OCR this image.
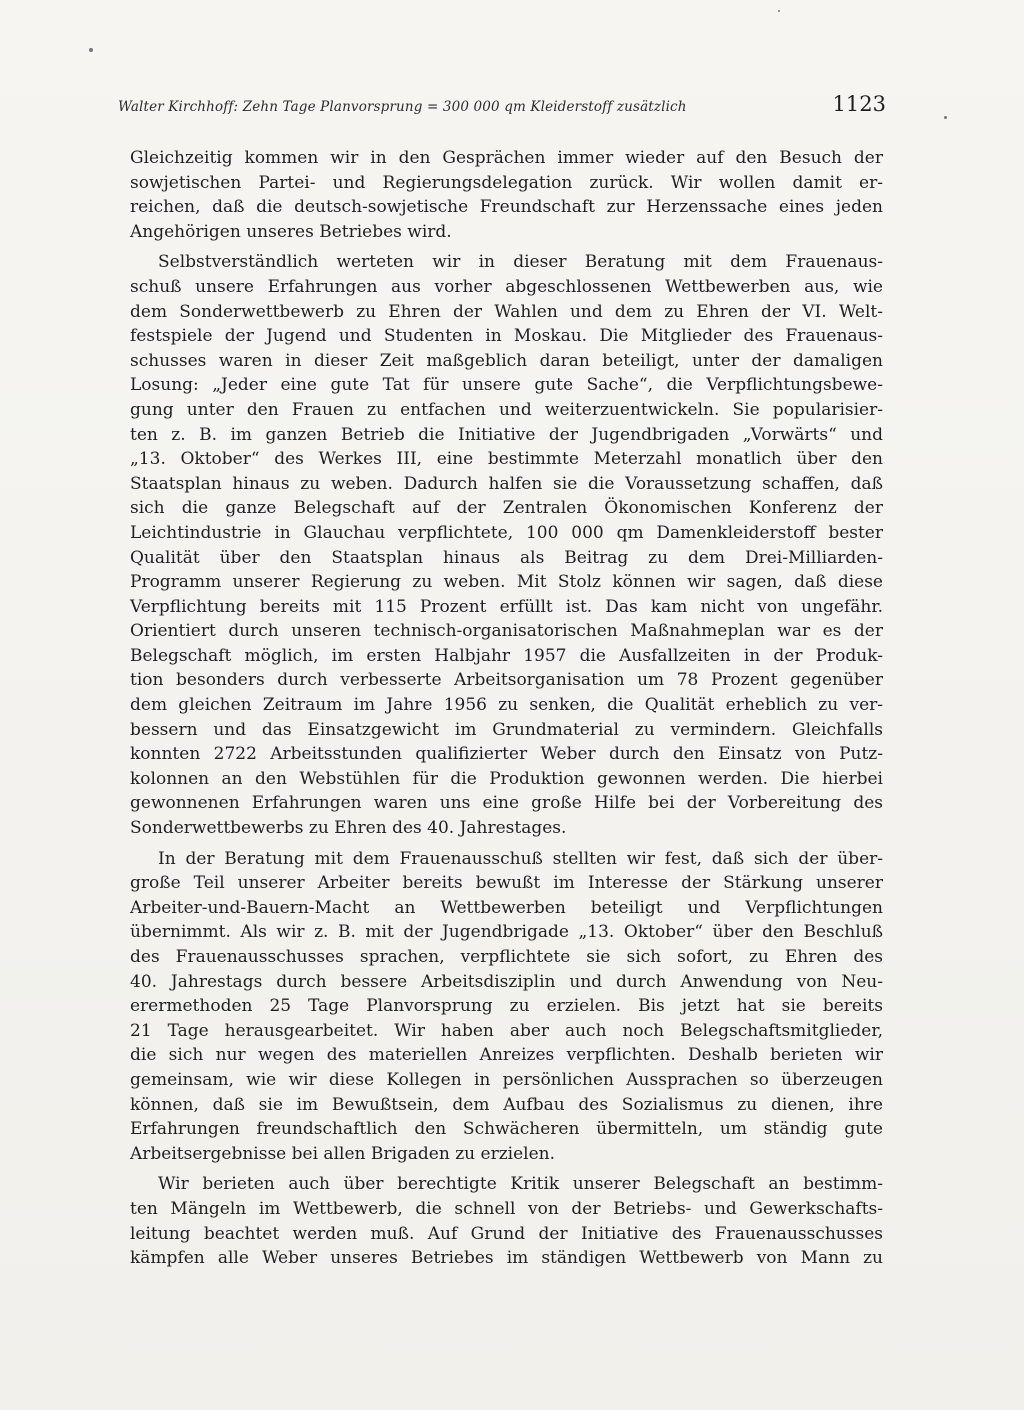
Walter Kirchhoff: Zehn Tage Planvorsprung = 300 000 qm Kleiderstoff zusätzlich	1123
Gleichzeitig kommen wir in den Gesprächen immer wieder auf den Besuch der
sowjetischen Partei- und Regierungsdelegation zurück. Wir wollen damit er-
reichen, daß die deutsch-sowjetische Freundschaft zur Herzenssache eines jeden
Angehörigen unseres Betriebes wird.
Selbstverständlich werteten wir in dieser Beratung mit dem Frauenaus-
schuß unsere Erfahrungen aus vorher abgeschlossenen Wettbewerben aus, wie
dem Sonderwettbewerb zu Ehren der Wahlen und dem zu Ehren der VI. Welt-
festspiele der Jugend und Studenten in Moskau. Die Mitglieder des Frauenaus-
schusses waren in dieser Zeit maßgeblich daran beteiligt, unter der damaligen
Losung: „Jeder eine gute Tat für unsere gute Sache“, die Verpflichtungsbewe-
gung unter den Frauen zu entfachen und weiterzuentwickeln. Sie popularisier-
ten z. B. im ganzen Betrieb die Initiative der Jugendbrigaden „Vorwärts“ und
„13. Oktober“ des Werkes III, eine bestimmte Meterzahl monatlich über den
Staatsplan hinaus zu weben. Dadurch halfen sie die Voraussetzung schaffen, daß
sich die ganze Belegschaft auf der Zentralen Ökonomischen Konferenz der
Leichtindustrie in Glauchau verpflichtete, 100 000 qm Damenkleiderstoff bester
Qualität über den Staatsplan hinaus als Beitrag zu dem Drei-Milliarden-
Programm unserer Regierung zu weben. Mit Stolz können wir sagen, daß diese
Verpflichtung bereits mit 115 Prozent erfüllt ist. Das kam nicht von ungefähr.
Orientiert durch unseren technisch-organisatorischen Maßnahmeplan war es der
Belegschaft möglich, im ersten Halbjahr 1957 die Ausfallzeiten in der Produk-
tion besonders durch verbesserte Arbeitsorganisation um 78 Prozent gegenüber
dem gleichen Zeitraum im Jahre 1956 zu senken, die Qualität erheblich zu ver-
bessern und das Einsatzgewicht im Grundmaterial zu vermindern. Gleichfalls
konnten 2722 Arbeitsstunden qualifizierter Weber durch den Einsatz von Putz-
kolonnen an den Webstühlen für die Produktion gewonnen werden. Die hierbei
gewonnenen Erfahrungen waren uns eine große Hilfe bei der Vorbereitung des
Sonderwettbewerbs zu Ehren des 40. Jahrestages.
In der Beratung mit dem Frauenausschuß stellten wir fest, daß sich der über-
große Teil unserer Arbeiter bereits bewußt im Interesse der Stärkung unserer
Arbeiter-und-Bauern-Macht an Wettbewerben beteiligt und Verpflichtungen
übernimmt. Als wir z. B. mit der Jugendbrigade „13. Oktober“ über den Beschluß
des Frauenausschusses sprachen, verpflichtete sie sich sofort, zu Ehren des
40. Jahrestags durch bessere Arbeitsdisziplin und durch Anwendung von Neu-
erermethoden 25 Tage Planvorsprung zu erzielen. Bis jetzt hat sie bereits
21 Tage herausgearbeitet. Wir haben aber auch noch Belegschaftsmitglieder,
die sich nur wegen des materiellen Anreizes verpflichten. Deshalb berieten wir
gemeinsam, wie wir diese Kollegen in persönlichen Aussprachen so überzeugen
können, daß sie im Bewußtsein, dem Aufbau des Sozialismus zu dienen, ihre
Erfahrungen freundschaftlich den Schwächeren übermitteln, um ständig gute
Arbeitsergebnisse bei allen Brigaden zu erzielen.
Wir berieten auch über berechtigte Kritik unserer Belegschaft an bestimm-
ten Mängeln im Wettbewerb, die schnell von der Betriebs- und Gewerkschafts-
leitung beachtet werden muß. Auf Grund der Initiative des Frauenausschusses
kämpfen alle Weber unseres Betriebes im ständigen Wettbewerb von Mann zu
